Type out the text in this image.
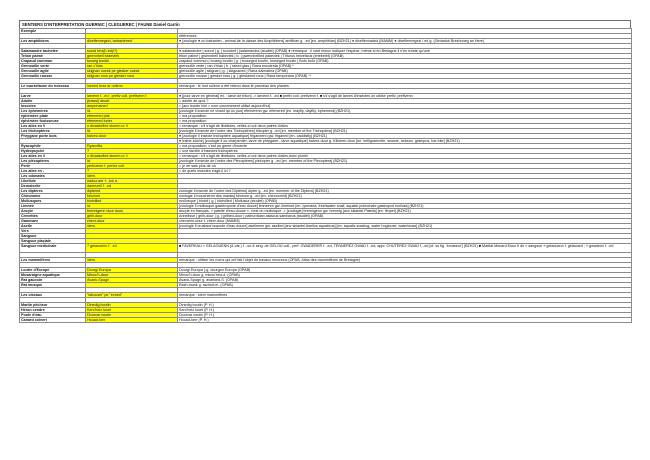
SENTIERS D'INTERPRETATION GUERNIC | CLEGUEREC | FAUNE Daniel Garrin
Exemple		
		références
Les amphibiens	divelfennegezi, batraziened	● [zoologie ● ou batracien - animal de la classe des Amphibiens] amfibian g. -ed [en. amphibian] (BZH21) ● divelfennaded (MAMM) ● divelfennegezi / ed g. (Geriaduir Brezhoneg an Here)

Salamandre tachetée	sourd briz(h-ed)/?)	● salamandre | sourd | g. | sourded | [salamandra (studiet) (OPAB) ● remarque : il vaut mieux indiquer l'espèce, même si en Bretagne il n'en existe qu'une
Triton palmé	gwennbeil bakeviek	triton palmé | gwennbeil bakeviek | b. | gwennbeilled pakeviek | Triturus helveticus (erlebelet) (OPAB)
Crapaud commun	touseg boutin	crapaud commun | touseg boutin | g. | touseged boutin, touseged boutin | Bufo bufo (OPAB)
Grenouille verte	ran c'hlas	grenouille verte | ran c'hlas | b. | raned glas | Rana esculenta (OPAB) *
Grenouille agile	skignan ouesk pe glesker ouesk	grenouille agile | skignan | g. | skignaned | Rana dalmatina (OPAB)
Grenouille rousse	skignan rous pe glesker rous	grenouille rousse | glesker rous | g. | gleskered rous | Rana temporaria (OPAB) **

Le macrofaune du ruisseau	loened braz ar ruilenn	remarque : le mot ruilenn a été retenu dans le panneau des plantes

Larve	larvenn f. -ed ; prefiv coll. prefivenn f.	● [pour larve en général] ex. : larve de triton) -> larvenn f. -ed ■ prefiv coll. prefivenn f. ■ s'il s'agit de larves d'insectes on utilise prefiv, prefivenn
Adulte	(trawsi) deuet	= adulte de quoi ?
Insectes	amprevaned	= [anv boutin hini = nom couramment utilisé aujourd'hui]
Les éphémères	id.	[zoologie ll insecte ne vivant qu'un jour] efemerenn gw. efemered [en. mayfly, daylfly, ephemera] (BZH21)
éphémère plate	efemered plat	= ma proposition
éphémère fouisseuse	efemered turier	= ma proposition
Les ailes en V	o divaskelled stumm ur V	= remarque : s'il s'agit de libellules, celles-ci ont deux paires d'ailes
Les trichoptères	id.	[zoologie ll insecte de l'ordre des Trichoptères] trikopter g. -ed [en. member of the Trichoptera] (BZH21)
Phrygane porte bois	balvez-dour	● [zoologie ll insecte trichoptère aquatique] friganeenn gw. friganed [en. caddisfly] (BZH21)
		● traine-bûche] [zoologie ll ou charpentier, larve de phrygane - larve aquatique] balvez-dour g. Klitolren-dour [en. helligrammite, snowie, dobson, grampus, toe-bite] (BZH21)
Ryacophile	Ryacofila	= ma proposition, c'est un genre d'insecte
Hydropsyché	?	= une famille d'insectes trichoptères
Les ailes en /\	o divaskelled stumm ur /\	= remarque : s'il s'agit de libellules, celles-ci ont deux paires d'ailes,donc plurie!
Les plécoptères	id.	[zoologie ll insecte de l'ordre des Plécoptères] plekopter g. -ed [en. member of the Plecoptera] (BZH21)
Perle	perlezenn f. perlez coll.	= je ne sais plus de où
Les ailes en -	?	= de quels insectes s'agit-il ici ?
Les odonates	idem.	
Libellule	nadoz-aer f. -loù a.	
Demoiselle	damezell f. -ed	
Les diptères	diptered	zoologie ll insecte de l'ordre des Diptères] dipter g. -ed [en. member of the Diptera] (BZH21)
Chironome	kironom	zoologie ll moucheron des marais] kironom g. -ed [en. chironomid] (BZH21)
Mollusques	blotvilled	mollusque ] blotvil | g. | blotvilled | Mollusca (studiet) (OPAB)
Limnée	id.	[zoologie ll mollusque gastéropode d'eau douce] limneenn gw. limened [en. lymnaea, freshwater snail, aquatic pulmonate gastropod mollusk] (BZH21)
Ancyle	brennigenn dour dous	ancyle en français, « patelle d'eau douce », c'est un mollusque -> [zoologie] brennigenn gw. brennig [anv skiantel Patella] [en. limpet] (BZH21)
Crevettes	grilh-dour	Annelisse | grilh-dour | g. | grilhed-dour | palhurrildan astacus sambarus (studiet) (OPAB)
Gammare	chevr-dour	chevrenn-dour f. chevr-dour (MAMM)
Aselle	idem.	[zoologie ll crustacé isopode d'eau douce] aselleenn gw. aselled [anv skiantel Asellus aquaticus] [en. aquatic sowbug, water hoglouse, waterlouse] (BZH21)
Vers		
Sangsue		
Sangsue plaçiale		
Sangsue médicinale	? gelaouenn f. -ed	■ FAVEREAU » GELAOUENN (& var.) f. -où & sing. de GELOÙ coll., perf. GWADERER f. -ed, TENNEREZ GWAD f. -ed, appr. CHUTEREZ GWAD f. -ed [cf. ss fig. 'écraseur'] (BZH21) ■ Martial Menard Essu fr dir « sangsue » gelaouenn f. gelaoued ; « gwadenn f. -ed

Les mammifères	idem.	remarque : utiliser les noms qui ont fait l'objet de travaux reconnus (OPAB, Atlas des mammifères de Bretagne)

Loutre d'Europe	Dourgi Europa	Dourgi Europa (-g. dourgon Europa (OPAB)
Musaraigne aquatique	Minoc'h-dour	Minoc'h-dour g. minoc'hed-d. (OPAB)
Rat gaucoin	Avank-Spagn	Avank-Spagn g. avanked-S. (OPAB)
Rat musqué		Razh-musk g. razhed-m. (OPAB)

Les oiseaux	"labousel" pe "evned"	remarque : idem mammifères

Martin pêcheur	Dinedig boutin	Dinedig boutin (P. H.)
Héron cendré	Kerc'heiz louet	Kerc'heiz louet (P. H.)
Poule d'eau	Dourvar voutin	Dourvar voutin (P. H.)
Canard colvert	Houad-kerr	Houad-kerr (P. H.)
